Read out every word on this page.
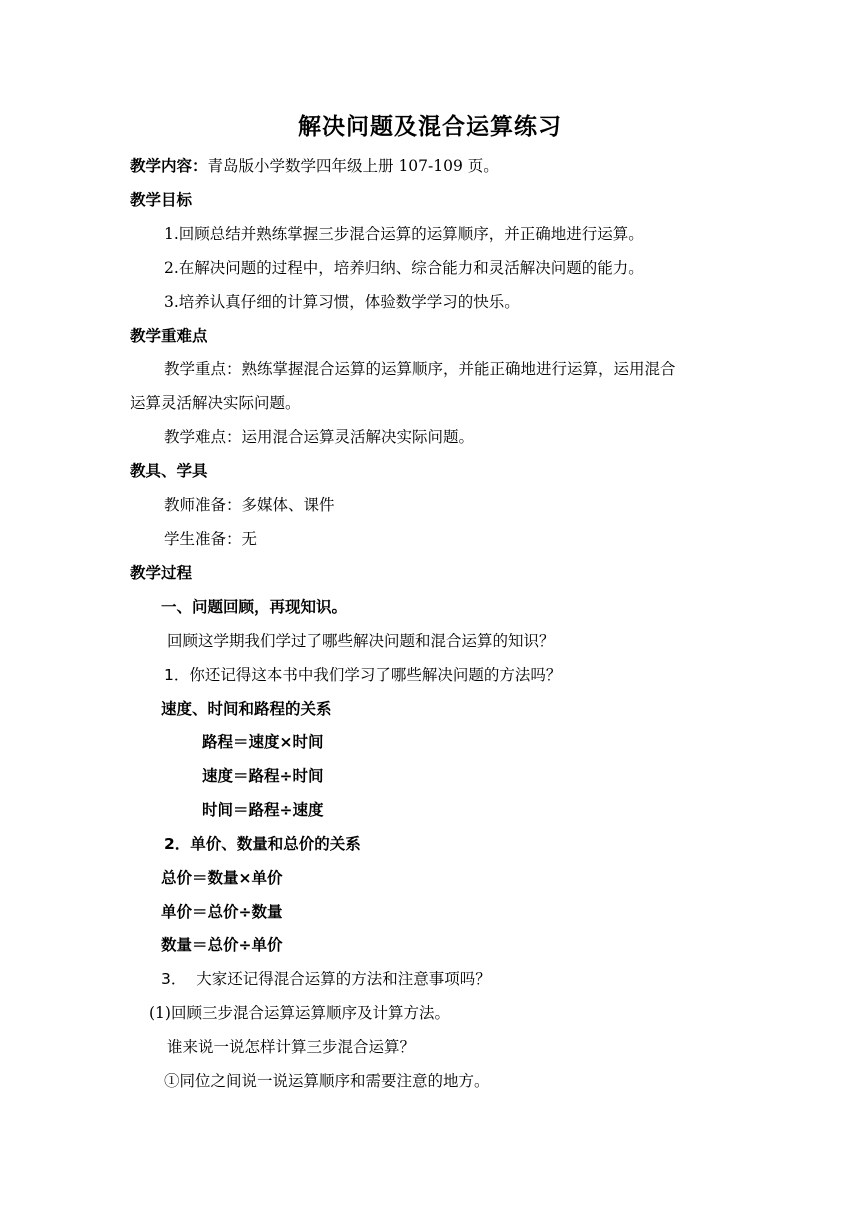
解决问题及混合运算练习
教学内容：青岛版小学数学四年级上册 107-109 页。
教学目标
1.回顾总结并熟练掌握三步混合运算的运算顺序，并正确地进行运算。
2.在解决问题的过程中，培养归纳、综合能力和灵活解决问题的能力。
3.培养认真仔细的计算习惯，体验数学学习的快乐。
教学重难点
教学重点：熟练掌握混合运算的运算顺序，并能正确地进行运算，运用混合
运算灵活解决实际问题。
教学难点：运用混合运算灵活解决实际问题。
教具、学具
教师准备：多媒体、课件
学生准备：无
教学过程
一、问题回顾，再现知识。
回顾这学期我们学过了哪些解决问题和混合运算的知识？
1．你还记得这本书中我们学习了哪些解决问题的方法吗？
速度、时间和路程的关系
路程＝速度×时间
速度＝路程÷时间
时间＝路程÷速度
2．单价、数量和总价的关系
总价＝数量×单价
单价＝总价÷数量
数量＝总价÷单价
3．  大家还记得混合运算的方法和注意事项吗？
(1)回顾三步混合运算运算顺序及计算方法。
谁来说一说怎样计算三步混合运算？
①同位之间说一说运算顺序和需要注意的地方。
